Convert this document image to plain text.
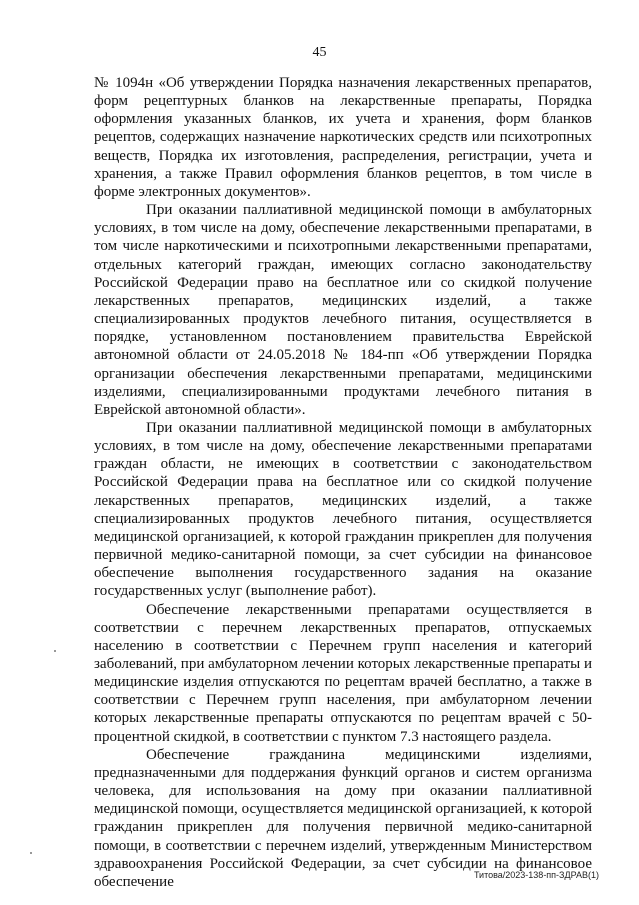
45

№ 1094н «Об утверждении Порядка назначения лекарственных препаратов, форм рецептурных бланков на лекарственные препараты, Порядка оформления указанных бланков, их учета и хранения, форм бланков рецептов, содержащих назначение наркотических средств или психотропных веществ, Порядка их изготовления, распределения, регистрации, учета и хранения, а также Правил оформления бланков рецептов, в том числе в форме электронных документов».

При оказании паллиативной медицинской помощи в амбулаторных условиях, в том числе на дому, обеспечение лекарственными препаратами, в том числе наркотическими и психотропными лекарственными препаратами, отдельных категорий граждан, имеющих согласно законодательству Российской Федерации право на бесплатное или со скидкой получение лекарственных препаратов, медицинских изделий, а также специализированных продуктов лечебного питания, осуществляется в порядке, установленном постановлением правительства Еврейской автономной области от 24.05.2018 № 184-пп «Об утверждении Порядка организации обеспечения лекарственными препаратами, медицинскими изделиями, специализированными продуктами лечебного питания в Еврейской автономной области».

При оказании паллиативной медицинской помощи в амбулаторных условиях, в том числе на дому, обеспечение лекарственными препаратами граждан области, не имеющих в соответствии с законодательством Российской Федерации права на бесплатное или со скидкой получение лекарственных препаратов, медицинских изделий, а также специализированных продуктов лечебного питания, осуществляется медицинской организацией, к которой гражданин прикреплен для получения первичной медико-санитарной помощи, за счет субсидии на финансовое обеспечение выполнения государственного задания на оказание государственных услуг (выполнение работ).

Обеспечение лекарственными препаратами осуществляется в соответствии с перечнем лекарственных препаратов, отпускаемых населению в соответствии с Перечнем групп населения и категорий заболеваний, при амбулаторном лечении которых лекарственные препараты и медицинские изделия отпускаются по рецептам врачей бесплатно, а также в соответствии с Перечнем групп населения, при амбулаторном лечении которых лекарственные препараты отпускаются по рецептам врачей с 50-процентной скидкой, в соответствии с пунктом 7.3 настоящего раздела.

Обеспечение гражданина медицинскими изделиями, предназначенными для поддержания функций органов и систем организма человека, для использования на дому при оказании паллиативной медицинской помощи, осуществляется медицинской организацией, к которой гражданин прикреплен для получения первичной медико-санитарной помощи, в соответствии с перечнем изделий, утвержденным Министерством здравоохранения Российской Федерации, за счет субсидии на финансовое обеспечение	Титова/2023-138-пп-ЗДРАВ(1)
